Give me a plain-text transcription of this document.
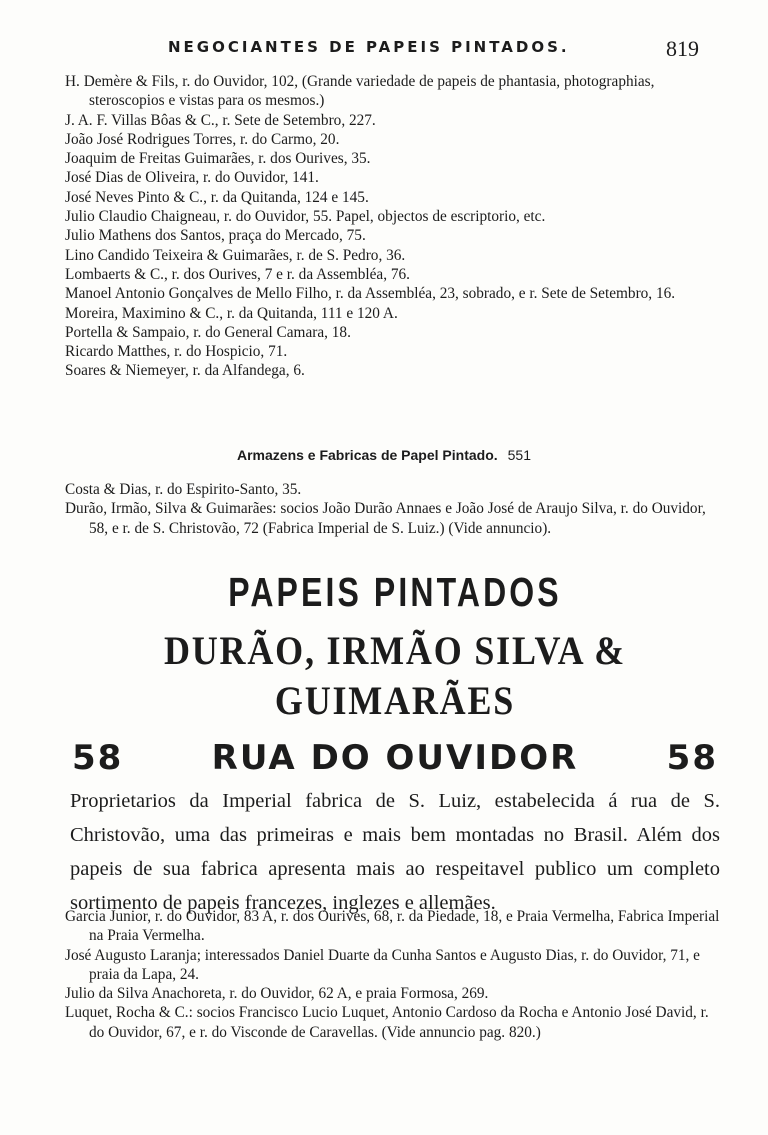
NEGOCIANTES DE PAPEIS PINTADOS.	819
H. Demère & Fils, r. do Ouvidor, 102, (Grande variedade de papeis de phantasia, photographias, steroscopios e vistas para os mesmos.)
J. A. F. Villas Bôas & C., r. Sete de Setembro, 227.
João José Rodrigues Torres, r. do Carmo, 20.
Joaquim de Freitas Guimarães, r. dos Ourives, 35.
José Dias de Oliveira, r. do Ouvidor, 141.
José Neves Pinto & C., r. da Quitanda, 124 e 145.
Julio Claudio Chaigneau, r. do Ouvidor, 55. Papel, objectos de escriptorio, etc.
Julio Mathens dos Santos, praça do Mercado, 75.
Lino Candido Teixeira & Guimarães, r. de S. Pedro, 36.
Lombaerts & C., r. dos Ourives, 7 e r. da Assembléa, 76.
Manoel Antonio Gonçalves de Mello Filho, r. da Assembléa, 23, sobrado, e r. Sete de Setembro, 16.
Moreira, Maximino & C., r. da Quitanda, 111 e 120 A.
Portella & Sampaio, r. do General Camara, 18.
Ricardo Matthes, r. do Hospicio, 71.
Soares & Niemeyer, r. da Alfandega, 6.
Armazens e Fabricas de Papel Pintado. 551
Costa & Dias, r. do Espirito-Santo, 35.
Durão, Irmão, Silva & Guimarães: socios João Durão Annaes e João José de Araujo Silva, r. do Ouvidor, 58, e r. de S. Christovão, 72 (Fabrica Imperial de S. Luiz.) (Vide annuncio).
PAPEIS PINTADOS
DURÃO, IRMÃO SILVA & GUIMARÃES
58	RUA DO OUVIDOR	58
Proprietarios da Imperial fabrica de S. Luiz, estabelecida á rua de S. Christovão, uma das primeiras e mais bem montadas no Brasil. Além dos papeis de sua fabrica apresenta mais ao respeitavel publico um completo sortimento de papeis francezes, inglezes e allemães.
Garcia Junior, r. do Ouvidor, 83 A, r. dos Ourives, 68, r. da Piedade, 18, e Praia Vermelha, Fabrica Imperial na Praia Vermelha.
José Augusto Laranja; interessados Daniel Duarte da Cunha Santos e Augusto Dias, r. do Ouvidor, 71, e praia da Lapa, 24.
Julio da Silva Anachoreta, r. do Ouvidor, 62 A, e praia Formosa, 269.
Luquet, Rocha & C.: socios Francisco Lucio Luquet, Antonio Cardoso da Rocha e Antonio José David, r. do Ouvidor, 67, e r. do Visconde de Caravellas. (Vide annuncio pag. 820.)
